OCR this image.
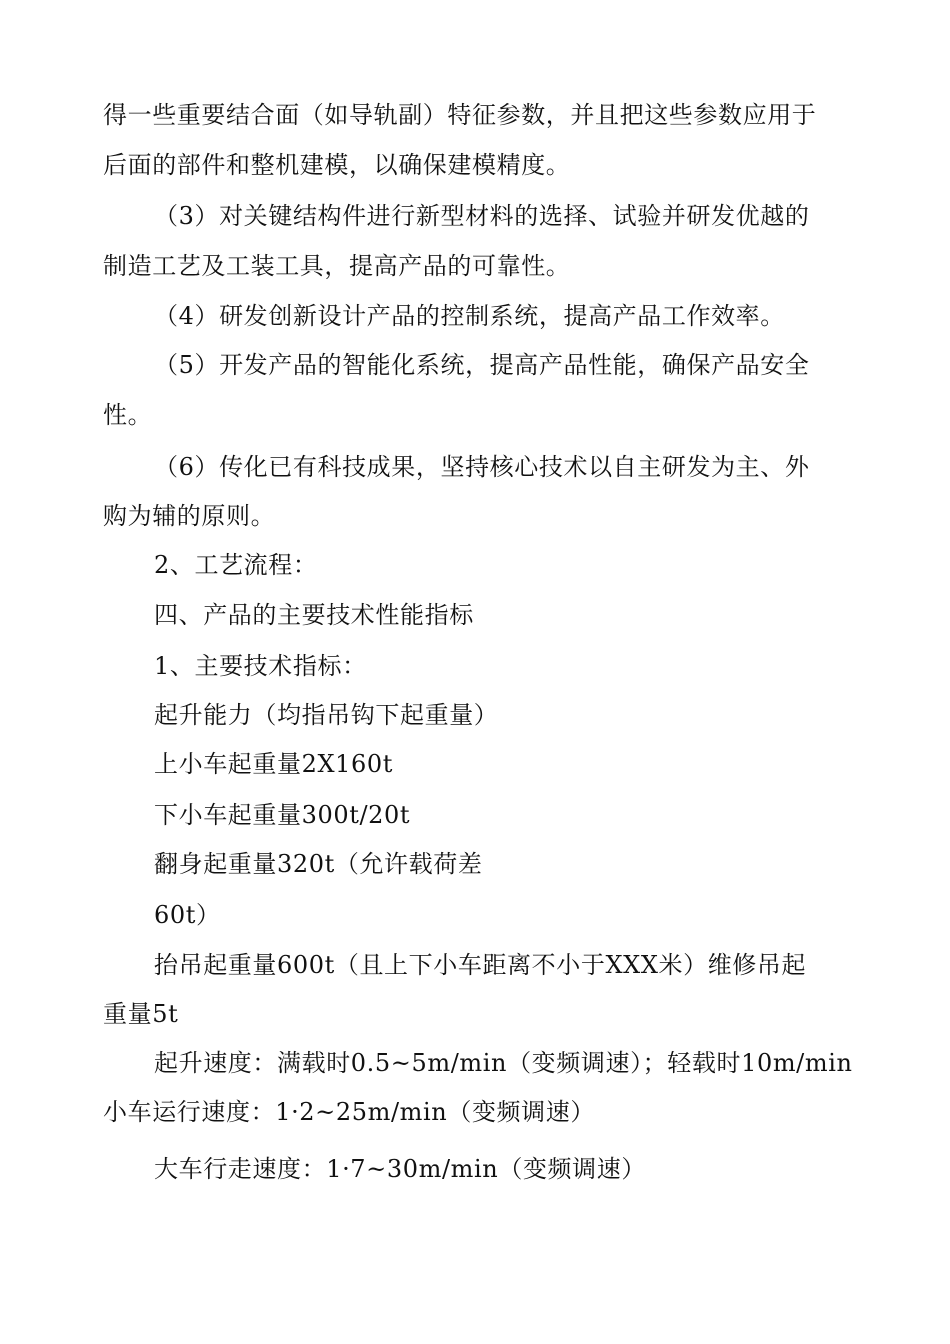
得一些重要结合面（如导轨副）特征参数，并且把这些参数应用于
后面的部件和整机建模，以确保建模精度。
（3）对关键结构件进行新型材料的选择、试验并研发优越的
制造工艺及工装工具，提高产品的可靠性。
（4）研发创新设计产品的控制系统，提高产品工作效率。
（5）开发产品的智能化系统，提高产品性能，确保产品安全
性。
（6）传化已有科技成果，坚持核心技术以自主研发为主、外
购为辅的原则。
2、工艺流程：
四、产品的主要技术性能指标
1、主要技术指标：
起升能力（均指吊钩下起重量）
上小车起重量2X160t
下小车起重量300t/20t
翻身起重量320t（允许载荷差
60t）
抬吊起重量600t（且上下小车距离不小于XXX米）维修吊起
重量5t
起升速度：满载时0.5~5m/min（变频调速）；轻载时10m/min
小车运行速度：1·2~25m/min（变频调速）
大车行走速度：1·7~30m/min（变频调速）
